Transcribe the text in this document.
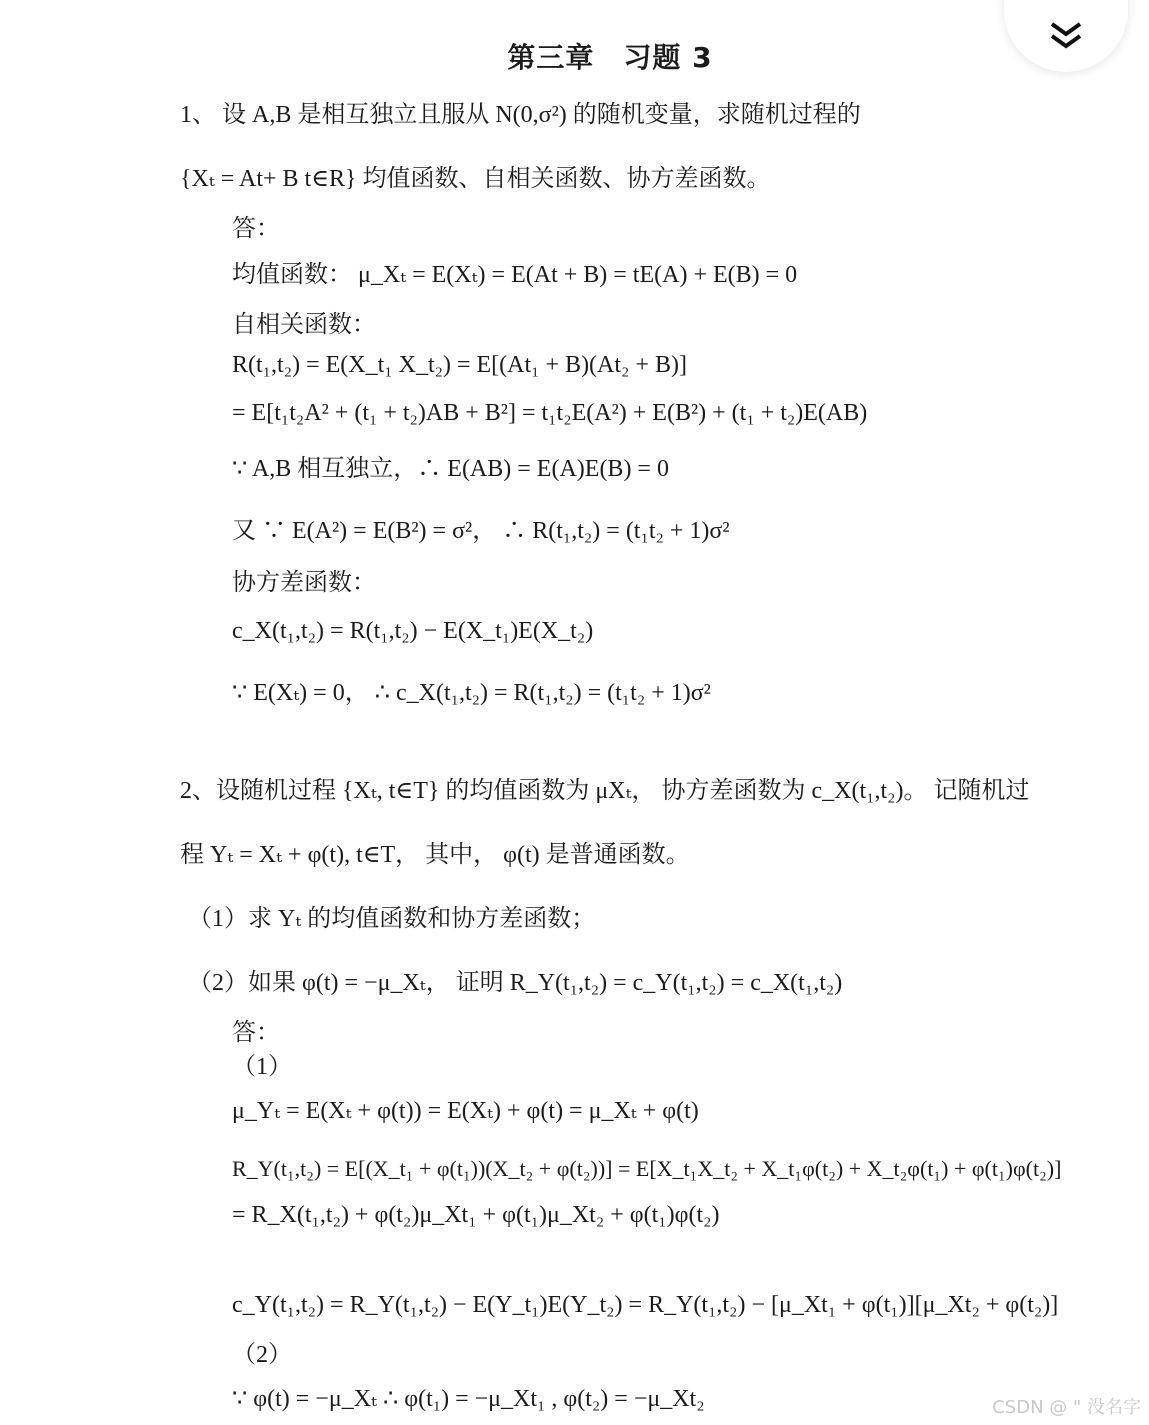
第三章　习题 3
1、 设 A,B 是相互独立且服从 N(0,σ²) 的随机变量，求随机过程的
{Xₜ = At+ B t∈R} 均值函数、自相关函数、协方差函数。
答：
均值函数： μ_Xₜ = E(Xₜ) = E(At + B) = tE(A) + E(B) = 0
自相关函数：
R(t₁,t₂) = E(X_t₁ X_t₂) = E[(At₁ + B)(At₂ + B)]
= E[t₁t₂A² + (t₁ + t₂)AB + B²] = t₁t₂E(A²) + E(B²) + (t₁ + t₂)E(AB)
∵ A,B 相互独立，∴ E(AB) = E(A)E(B) = 0
又 ∵ E(A²) = E(B²) = σ²， ∴ R(t₁,t₂) = (t₁t₂ + 1)σ²
协方差函数：
c_X(t₁,t₂) = R(t₁,t₂) − E(X_t₁)E(X_t₂)
∵ E(Xₜ) = 0， ∴ c_X(t₁,t₂) = R(t₁,t₂) = (t₁t₂ + 1)σ²
2、设随机过程 {Xₜ, t∈T} 的均值函数为 μXₜ， 协方差函数为 c_X(t₁,t₂)。 记随机过
程 Yₜ = Xₜ + φ(t), t∈T， 其中， φ(t) 是普通函数。
（1）求 Yₜ 的均值函数和协方差函数；
（2）如果 φ(t) = −μ_Xₜ， 证明 R_Y(t₁,t₂) = c_Y(t₁,t₂) = c_X(t₁,t₂)
答：
（1）
μ_Yₜ = E(Xₜ + φ(t)) = E(Xₜ) + φ(t) = μ_Xₜ + φ(t)
R_Y(t₁,t₂) = E[(X_t₁ + φ(t₁))(X_t₂ + φ(t₂))] = E[X_t₁X_t₂ + X_t₁φ(t₂) + X_t₂φ(t₁) + φ(t₁)φ(t₂)]
= R_X(t₁,t₂) + φ(t₂)μ_Xt₁ + φ(t₁)μ_Xt₂ + φ(t₁)φ(t₂)
c_Y(t₁,t₂) = R_Y(t₁,t₂) − E(Y_t₁)E(Y_t₂) = R_Y(t₁,t₂) − [μ_Xt₁ + φ(t₁)][μ_Xt₂ + φ(t₂)]
（2）
∵ φ(t) = −μ_Xₜ ∴ φ(t₁) = −μ_Xt₁ , φ(t₂) = −μ_Xt₂	CSDN @ " 没名字
